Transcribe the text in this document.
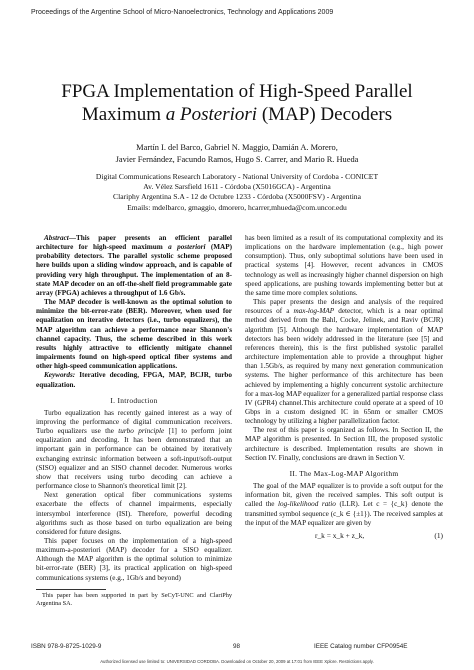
Proceedings of the Argentine School of Micro-Nanoelectronics, Technology and Applications 2009
FPGA Implementation of High-Speed Parallel
Maximum a Posteriori (MAP) Decoders
Martín I. del Barco, Gabriel N. Maggio, Damián A. Morero,
Javier Fernández, Facundo Ramos, Hugo S. Carrer, and Mario R. Hueda
Digital Communications Research Laboratory - National University of Cordoba - CONICET
Av. Vélez Sarsfield 1611 - Córdoba (X5016GCA) - Argentina
Clariphy Argentina S.A - 12 de Octubre 1233 - Córdoba (X5000FSV) - Argentina
Emails: mdelbarco, gmaggio, dmorero, hcarrer,mhueda@com.uncor.edu

Abstract—This paper presents an efficient parallel architecture for high-speed maximum a posteriori (MAP) probability detectors. The parallel systolic scheme proposed here builds upon a sliding window approach, and is capable of providing very high throughput. The implementation of an 8-state MAP decoder on an off-the-shelf field programmable gate array (FPGA) achieves a throughput of 1.6 Gb/s.

The MAP decoder is well-known as the optimal solution to minimize the bit-error-rate (BER). Moreover, when used for equalization on iterative detectors (i.e., turbo equalizers), the MAP algorithm can achieve a performance near Shannon's channel capacity. Thus, the scheme described in this work results highly attractive to efficiently mitigate channel impairments found on high-speed optical fiber systems and other high-speed communication applications.

Keywords: Iterative decoding, FPGA, MAP, BCJR, turbo equalization.

I. Introduction

Turbo equalization has recently gained interest as a way of improving the performance of digital communication receivers. Turbo equalizers use the turbo principle [1] to perform joint equalization and decoding. It has been demonstrated that an important gain in performance can be obtained by iteratively exchanging extrinsic information between a soft-input/soft-output (SISO) equalizer and an SISO channel decoder. Numerous works show that receivers using turbo decoding can achieve a performance close to Shannon's theoretical limit [2].

Next generation optical fiber communications systems exacerbate the effects of channel impairments, especially intersymbol interference (ISI). Therefore, powerful decoding algorithms such as those based on turbo equalization are being considered for future designs.

This paper focuses on the implementation of a high-speed maximum-a-posteriori (MAP) decoder for a SISO equalizer. Although the MAP algorithm is the optimal solution to minimize bit-error-rate (BER) [3], its practical application on high-speed communications systems (e.g., 1Gb/s and beyond)

This paper has been supported in part by SeCyT-UNC and ClariPhy Argentina SA.

has been limited as a result of its computational complexity and its implications on the hardware implementation (e.g., high power consumption). Thus, only suboptimal solutions have been used in practical systems [4]. However, recent advances in CMOS technology as well as increasingly higher channel dispersion on high speed applications, are pushing towards implementing better but at the same time more complex solutions.

This paper presents the design and analysis of the required resources of a max-log-MAP detector, which is a near optimal method derived from the Bahl, Cocke, Jelinek, and Raviv (BCJR) algorithm [5]. Although the hardware implementation of MAP detectors has been widely addressed in the literature (see [5] and references therein), this is the first published systolic parallel architecture implementation able to provide a throughput higher than 1.5Gb/s, as required by many next generation communication systems. The higher performance of this architecture has been achieved by implementing a highly concurrent systolic architecture for a max-log MAP equalizer for a generalized partial response class IV (GPR4) channel.This architecture could operate at a speed of 10 Gbps in a custom designed IC in 65nm or smaller CMOS technology by utilizing a higher parallelization factor.

The rest of this paper is organized as follows. In Section II, the MAP algorithm is presented. In Section III, the proposed systolic architecture is described. Implementation results are shown in Section IV. Finally, conclusions are drawn in Section V.

II. The Max-Log-MAP Algorithm

The goal of the MAP equalizer is to provide a soft output for the information bit, given the received samples. This soft output is called the log-likelihood ratio (LLR). Let c = {c_k} denote the transmitted symbol sequence (c_k ∈ {±1}). The received samples at the input of the MAP equalizer are given by

r_k = x_k + z_k,	(1)
ISBN 978-9-8725-1029-9	98	IEEE Catalog number CFP0954E
Authorized licensed use limited to: UNIVERSIDAD CORDOBA. Downloaded on October 20, 2009 at 17:01 from IEEE Xplore. Restrictions apply.
